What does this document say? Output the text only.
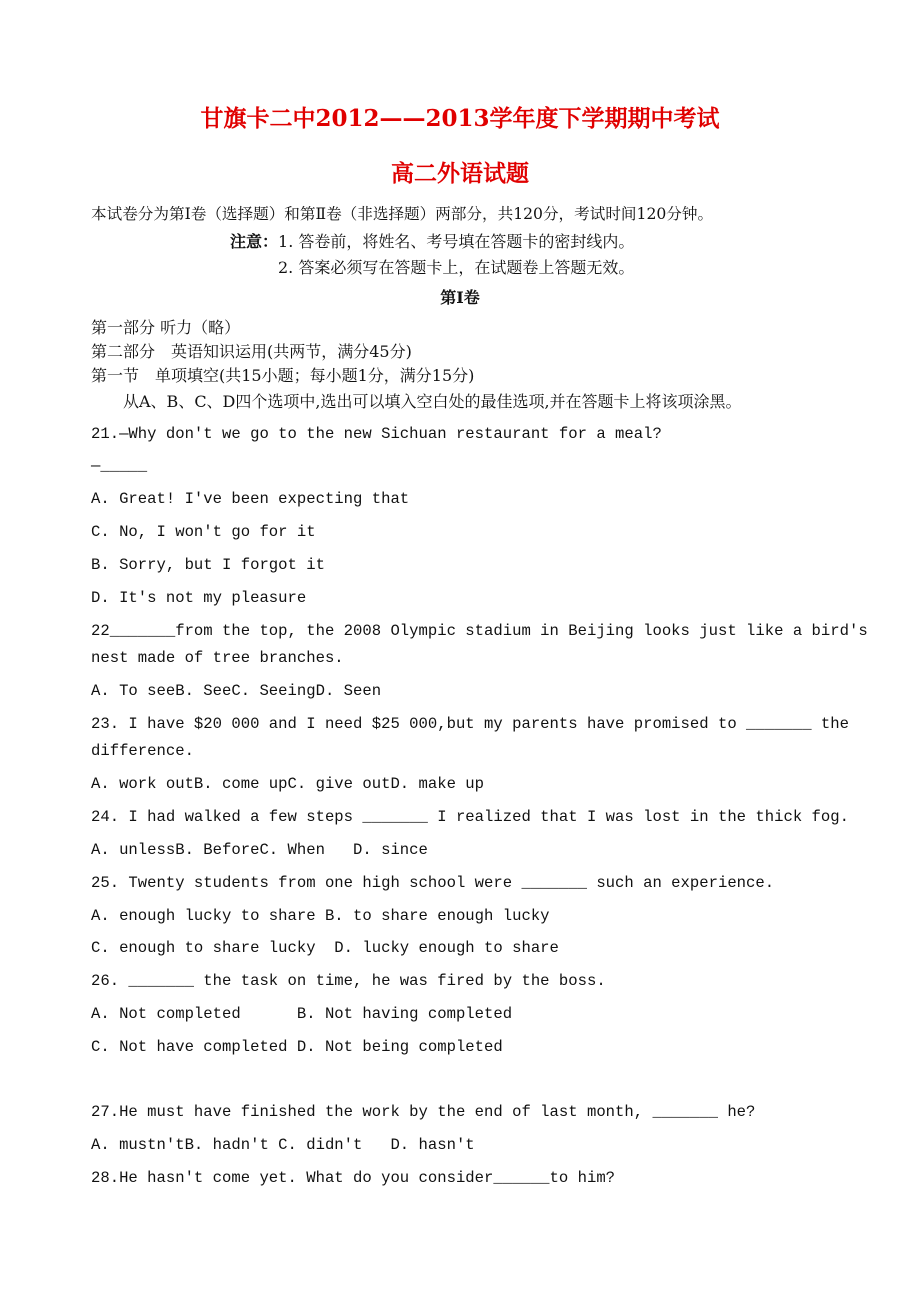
甘旗卡二中2012——2013学年度下学期期中考试
高二外语试题
本试卷分为第Ⅰ卷（选择题）和第Ⅱ卷（非选择题）两部分，共120分，考试时间120分钟。
注意：1. 答卷前，将姓名、考号填在答题卡的密封线内。
2. 答案必须写在答题卡上，在试题卷上答题无效。
第Ⅰ卷
第一部分 听力（略）
第二部分　英语知识运用(共两节，满分45分)
第一节　单项填空(共15小题；每小题1分，满分15分)
　　从A、B、C、D四个选项中,选出可以填入空白处的最佳选项,并在答题卡上将该项涂黑。
21.—Why don't we go to the new Sichuan restaurant for a meal?
—_____
A. Great! I've been expecting that
C. No, I won't go for it
B. Sorry, but I forgot it
D. It's not my pleasure
22_______from the top, the 2008 Olympic stadium in Beijing looks just like a bird's
nest made of tree branches.
A. To seeB. SeeC. SeeingD. Seen
23. I have $20 000 and I need $25 000,but my parents have promised to _______ the
difference.
A. work outB. come upC. give outD. make up
24. I had walked a few steps _______ I realized that I was lost in the thick fog.
A. unlessB. BeforeC. When   D. since
25. Twenty students from one high school were _______ such an experience.
A. enough lucky to share B. to share enough lucky
C. enough to share lucky  D. lucky enough to share
26. _______ the task on time, he was fired by the boss.
A. Not completed      B. Not having completed
C. Not have completed D. Not being completed
27.He must have finished the work by the end of last month, _______ he?
A. mustn'tB. hadn't C. didn't   D. hasn't
28.He hasn't come yet. What do you consider______to him?
